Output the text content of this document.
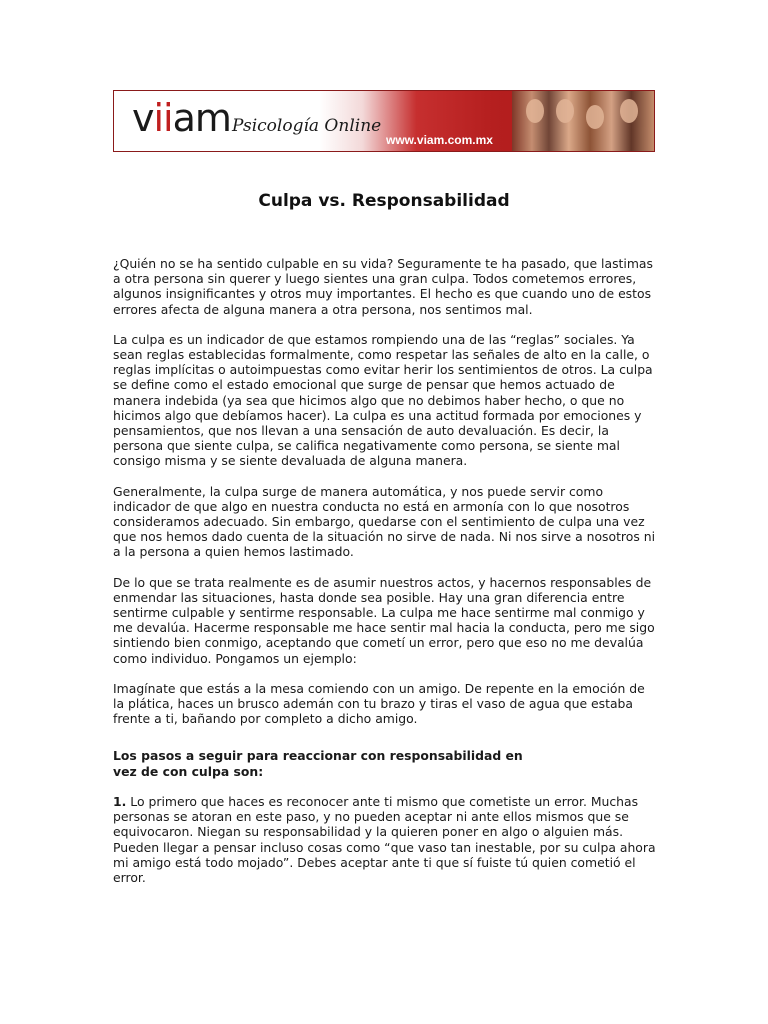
viiam Psicología Online
www.viam.com.mx
Culpa vs. Responsabilidad

¿Quién no se ha sentido culpable en su vida? Seguramente te ha pasado, que lastimas a otra persona sin querer y luego sientes una gran culpa. Todos cometemos errores, algunos insignificantes y otros muy importantes. El hecho es que cuando uno de estos errores afecta de alguna manera a otra persona, nos sentimos mal.

La culpa es un indicador de que estamos rompiendo una de las “reglas” sociales. Ya sean reglas establecidas formalmente, como respetar las señales de alto en la calle, o reglas implícitas o autoimpuestas como evitar herir los sentimientos de otros. La culpa se define como el estado emocional que surge de pensar que hemos actuado de manera indebida (ya sea que hicimos algo que no debimos haber hecho, o que no hicimos algo que debíamos hacer). La culpa es una actitud formada por emociones y pensamientos, que nos llevan a una sensación de auto devaluación. Es decir, la persona que siente culpa, se califica negativamente como persona, se siente mal consigo misma y se siente devaluada de alguna manera.

Generalmente, la culpa surge de manera automática, y nos puede servir como indicador de que algo en nuestra conducta no está en armonía con lo que nosotros consideramos adecuado. Sin embargo, quedarse con el sentimiento de culpa una vez que nos hemos dado cuenta de la situación no sirve de nada. Ni nos sirve a nosotros ni a la persona a quien hemos lastimado.

De lo que se trata realmente es de asumir nuestros actos, y hacernos responsables de enmendar las situaciones, hasta donde sea posible. Hay una gran diferencia entre sentirme culpable y sentirme responsable. La culpa me hace sentirme mal conmigo y me devalúa. Hacerme responsable me hace sentir mal hacia la conducta, pero me sigo sintiendo bien conmigo, aceptando que cometí un error, pero que eso no me devalúa como individuo. Pongamos un ejemplo:

Imagínate que estás a la mesa comiendo con un amigo. De repente en la emoción de la plática, haces un brusco ademán con tu brazo y tiras el vaso de agua que estaba frente a ti, bañando por completo a dicho amigo.

Los pasos a seguir para reaccionar con responsabilidad en vez de con culpa son:

1. Lo primero que haces es reconocer ante ti mismo que cometiste un error. Muchas personas se atoran en este paso, y no pueden aceptar ni ante ellos mismos que se equivocaron. Niegan su responsabilidad y la quieren poner en algo o alguien más. Pueden llegar a pensar incluso cosas como “que vaso tan inestable, por su culpa ahora mi amigo está todo mojado”. Debes aceptar ante ti que sí fuiste tú quien cometió el error.
